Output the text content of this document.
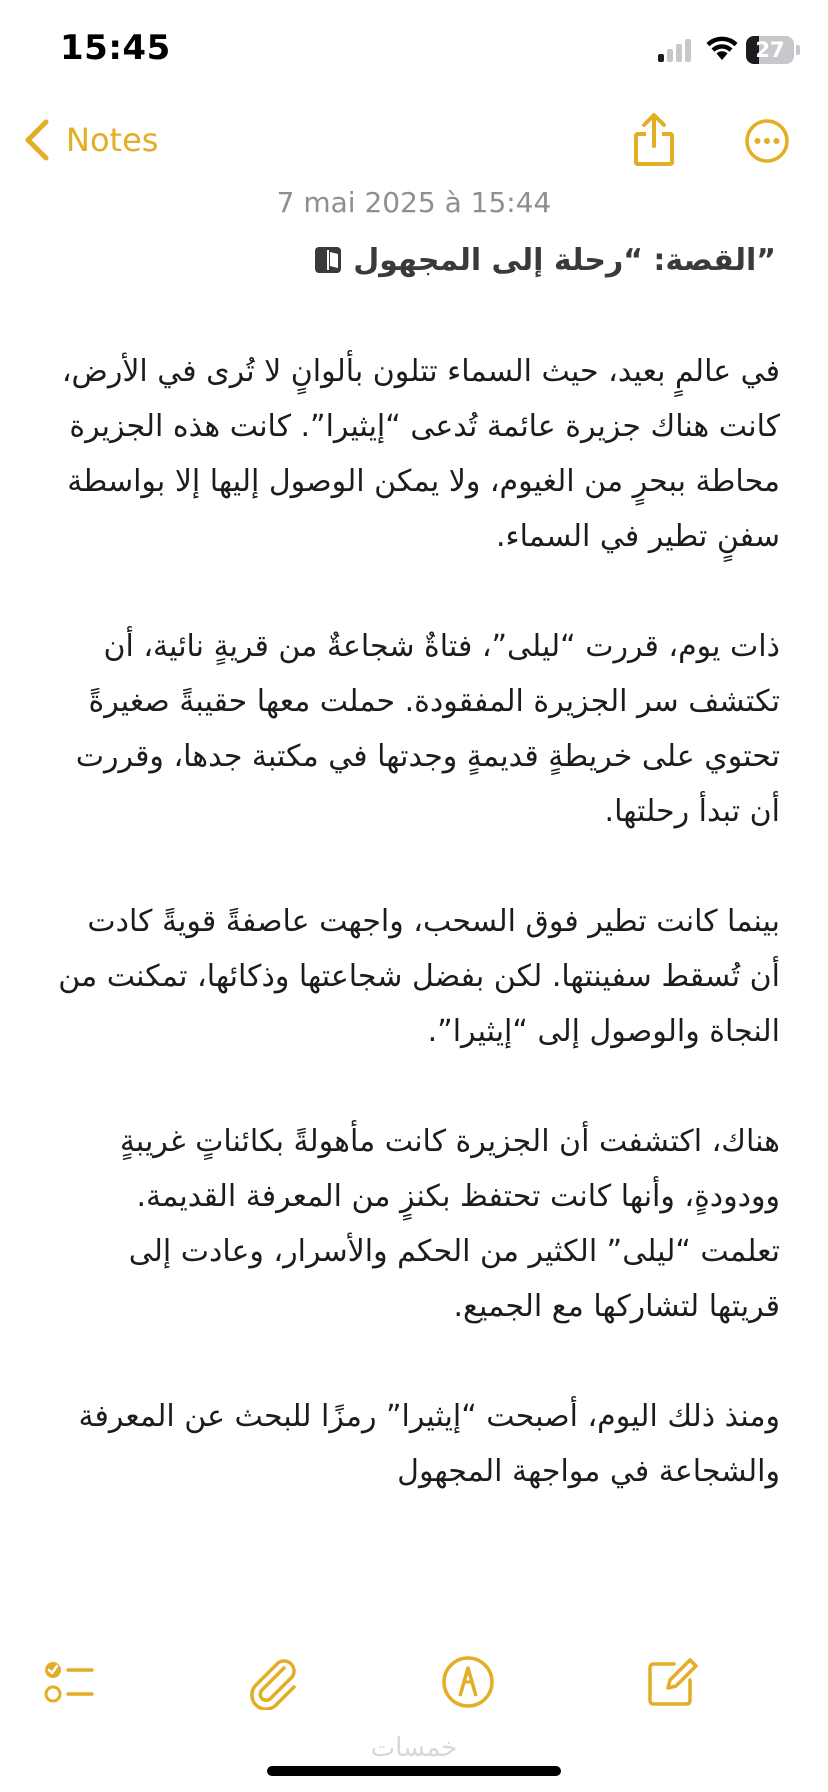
15:45	27
Notes
7 mai 2025 à 15:44
”القصة: “رحلة إلى المجهول

في عالمٍ بعيد، حيث السماء تتلون بألوانٍ لا تُرى في الأرض، كانت هناك جزيرة عائمة تُدعى “إيثيرا”. كانت هذه الجزيرة محاطة ببحرٍ من الغيوم، ولا يمكن الوصول إليها إلا بواسطة سفنٍ تطير في السماء.

ذات يوم، قررت “ليلى”، فتاةٌ شجاعةٌ من قريةٍ نائية، أن تكتشف سر الجزيرة المفقودة. حملت معها حقيبةً صغيرةً تحتوي على خريطةٍ قديمةٍ وجدتها في مكتبة جدها، وقررت أن تبدأ رحلتها.

بينما كانت تطير فوق السحب، واجهت عاصفةً قويةً كادت أن تُسقط سفينتها. لكن بفضل شجاعتها وذكائها، تمكنت من النجاة والوصول إلى “إيثيرا”.

هناك، اكتشفت أن الجزيرة كانت مأهولةً بكائناتٍ غريبةٍ وودودةٍ، وأنها كانت تحتفظ بكنزٍ من المعرفة القديمة. تعلمت “ليلى” الكثير من الحكم والأسرار، وعادت إلى قريتها لتشاركها مع الجميع.

ومنذ ذلك اليوم، أصبحت “إيثيرا” رمزًا للبحث عن المعرفة والشجاعة في مواجهة المجهول

خمسات
